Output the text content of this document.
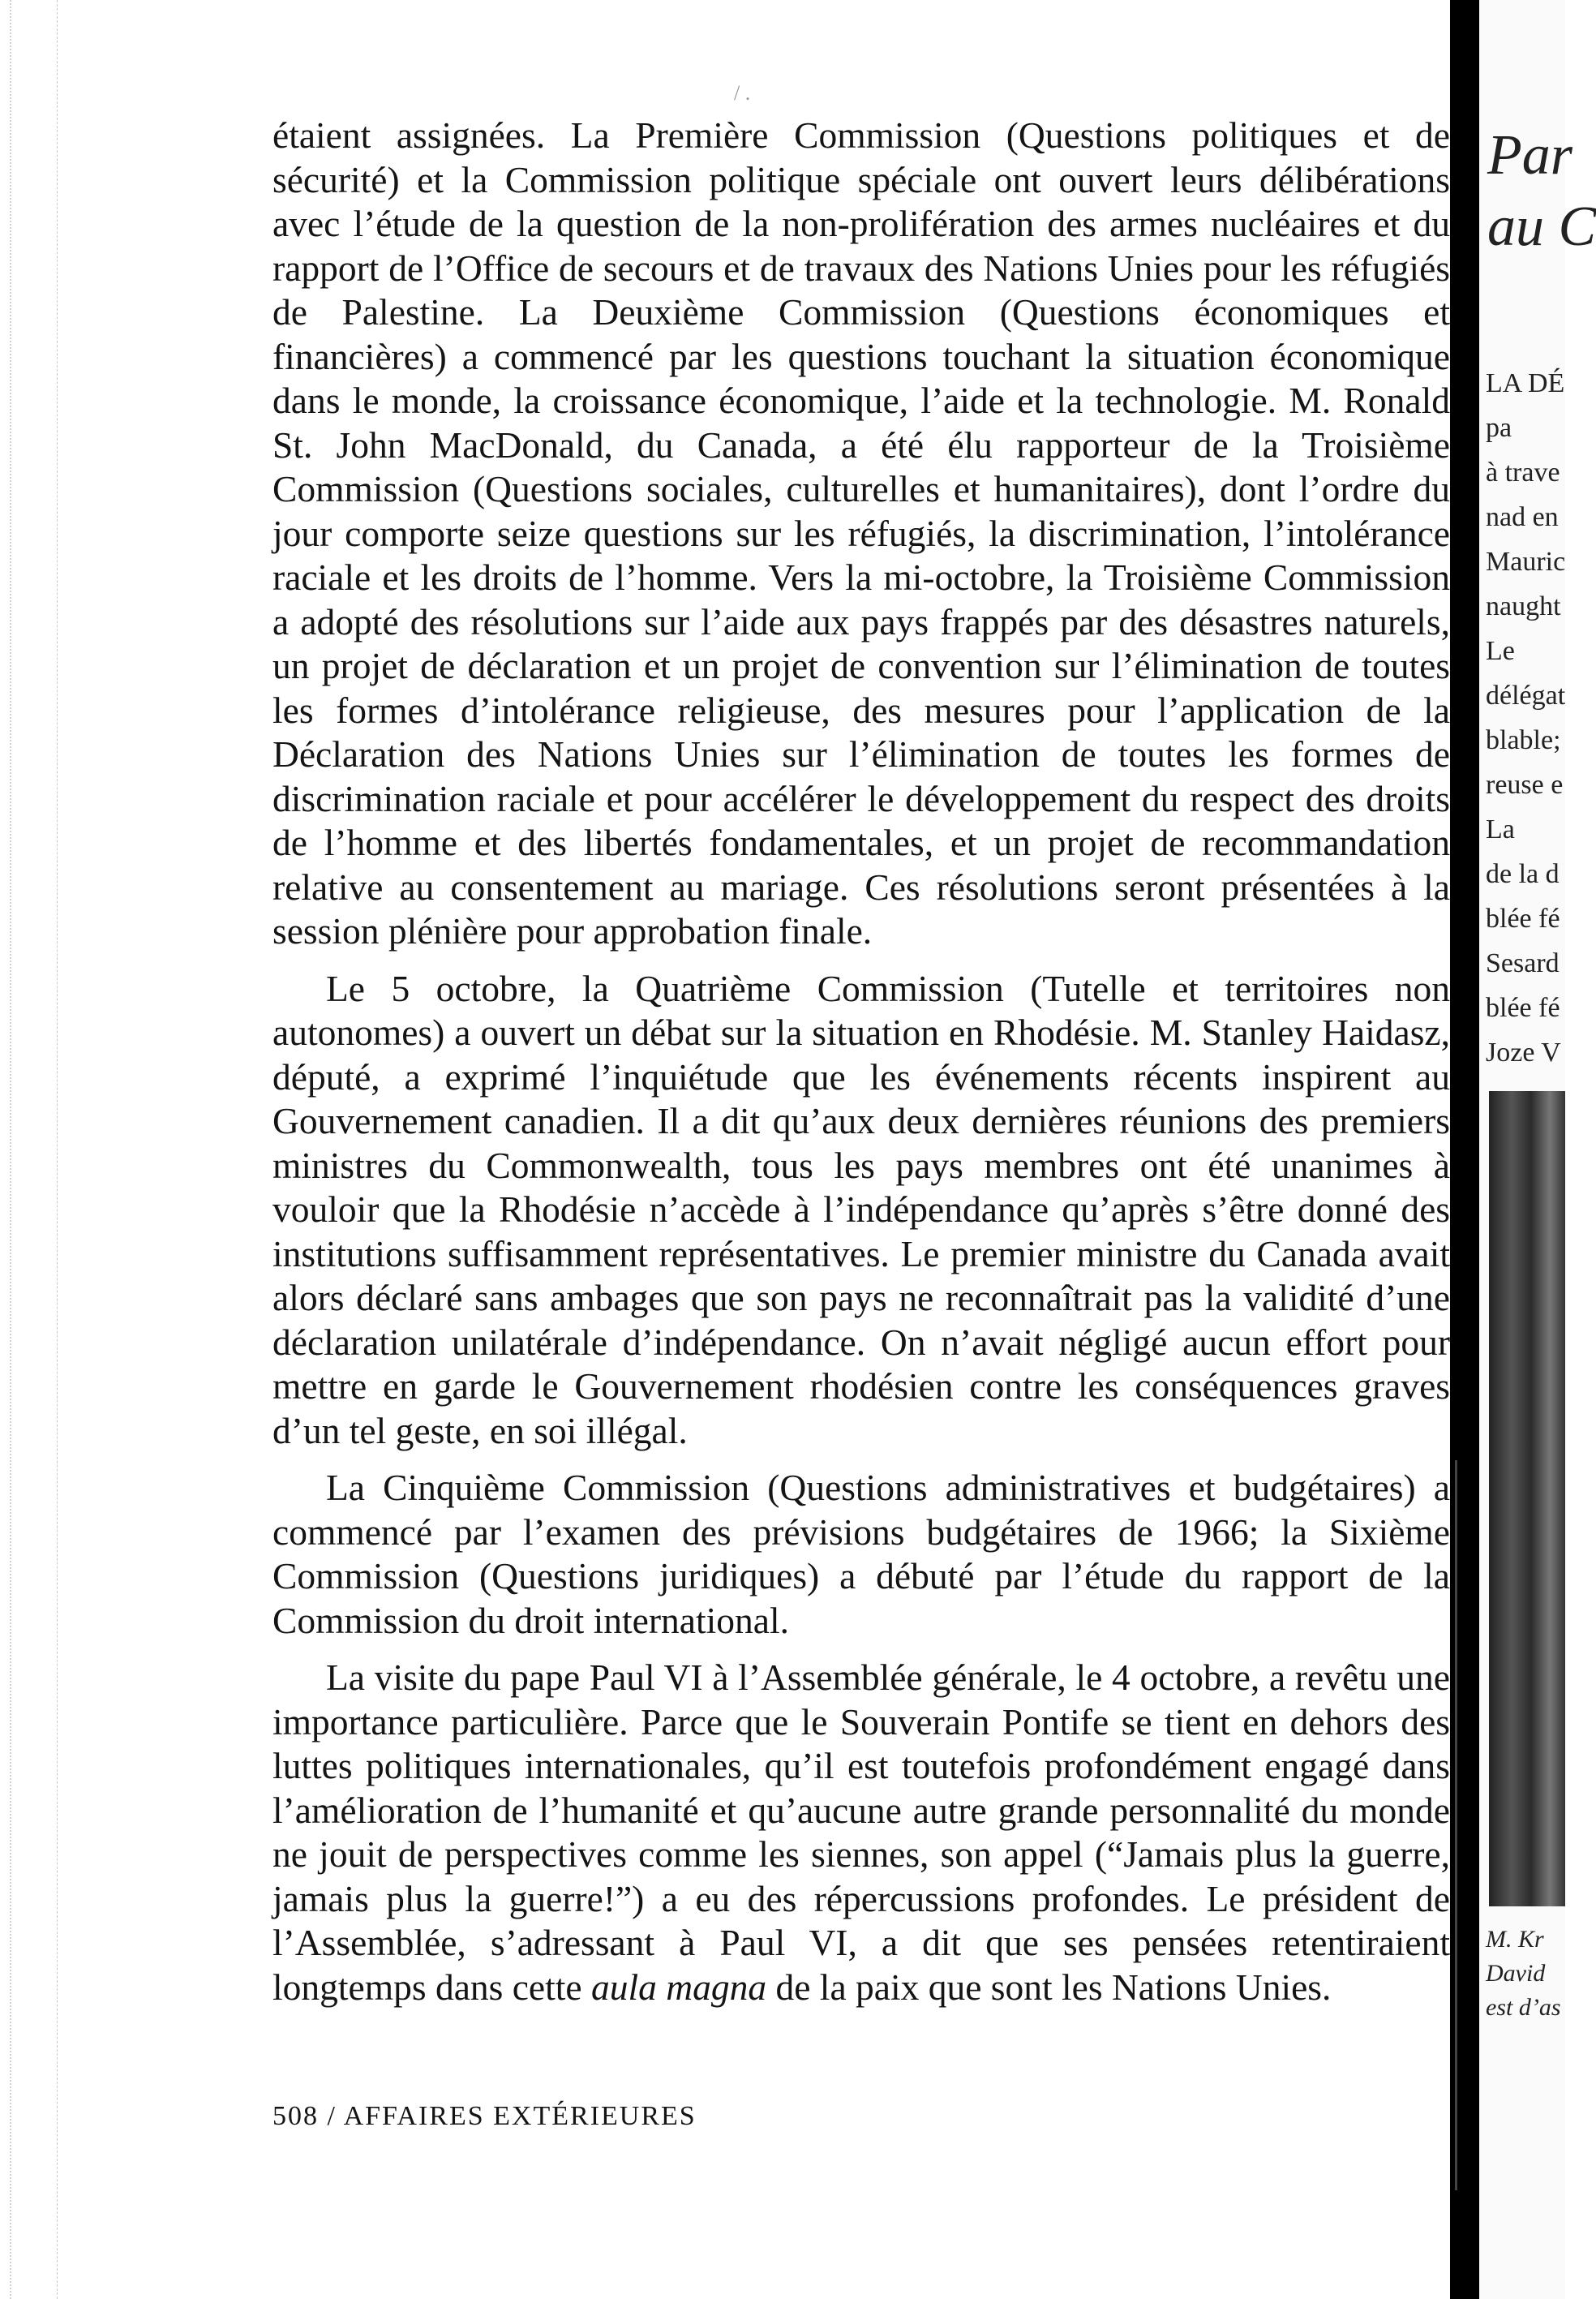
/ .

étaient assignées. La Première Commission (Questions politiques et de sécurité) et la Commission politique spéciale ont ouvert leurs délibérations avec l’étude de la question de la non-prolifération des armes nucléaires et du rapport de l’Office de secours et de travaux des Nations Unies pour les réfugiés de Palestine. La Deuxième Commission (Questions économiques et financières) a commencé par les questions touchant la situation économique dans le monde, la croissance économique, l’aide et la technologie. M. Ronald St. John MacDonald, du Canada, a été élu rapporteur de la Troisième Commission (Questions sociales, culturelles et humanitaires), dont l’ordre du jour comporte seize questions sur les réfugiés, la discrimination, l’intolérance raciale et les droits de l’homme. Vers la mi-octobre, la Troisième Commission a adopté des résolutions sur l’aide aux pays frappés par des désastres naturels, un projet de déclaration et un projet de convention sur l’élimination de toutes les formes d’intolérance religieuse, des mesures pour l’application de la Déclaration des Nations Unies sur l’élimination de toutes les formes de discrimination raciale et pour accélérer le développement du respect des droits de l’homme et des libertés fondamentales, et un projet de recommandation relative au consentement au mariage. Ces résolutions seront présentées à la session plénière pour approbation finale.

Le 5 octobre, la Quatrième Commission (Tutelle et territoires non autonomes) a ouvert un débat sur la situation en Rhodésie. M. Stanley Haidasz, député, a exprimé l’inquiétude que les événements récents inspirent au Gouvernement canadien. Il a dit qu’aux deux dernières réunions des premiers ministres du Commonwealth, tous les pays membres ont été unanimes à vouloir que la Rhodésie n’accède à l’indépendance qu’après s’être donné des institutions suffisamment représentatives. Le premier ministre du Canada avait alors déclaré sans ambages que son pays ne reconnaîtrait pas la validité d’une déclaration unilatérale d’indépendance. On n’avait négligé aucun effort pour mettre en garde le Gouvernement rhodésien contre les conséquences graves d’un tel geste, en soi illégal.

La Cinquième Commission (Questions administratives et budgétaires) a commencé par l’examen des prévisions budgétaires de 1966; la Sixième Commission (Questions juridiques) a débuté par l’étude du rapport de la Commission du droit international.

La visite du pape Paul VI à l’Assemblée générale, le 4 octobre, a revêtu une importance particulière. Parce que le Souverain Pontife se tient en dehors des luttes politiques internationales, qu’il est toutefois profondément engagé dans l’amélioration de l’humanité et qu’aucune autre grande personnalité du monde ne jouit de perspectives comme les siennes, son appel (“Jamais plus la guerre, jamais plus la guerre!”) a eu des répercussions profondes. Le président de l’Assemblée, s’adressant à Paul VI, a dit que ses pensées retentiraient longtemps dans cette aula magna de la paix que sont les Nations Unies.

Par
au C
LA DÉ
pa
à trave
nad en
Mauric
naught
Le
délégat
blable;
reuse e
La
de la d
blée fé
Sesard
blée fé
Joze V
M. Kr
David
est d’as
508 / AFFAIRES EXTÉRIEURES
